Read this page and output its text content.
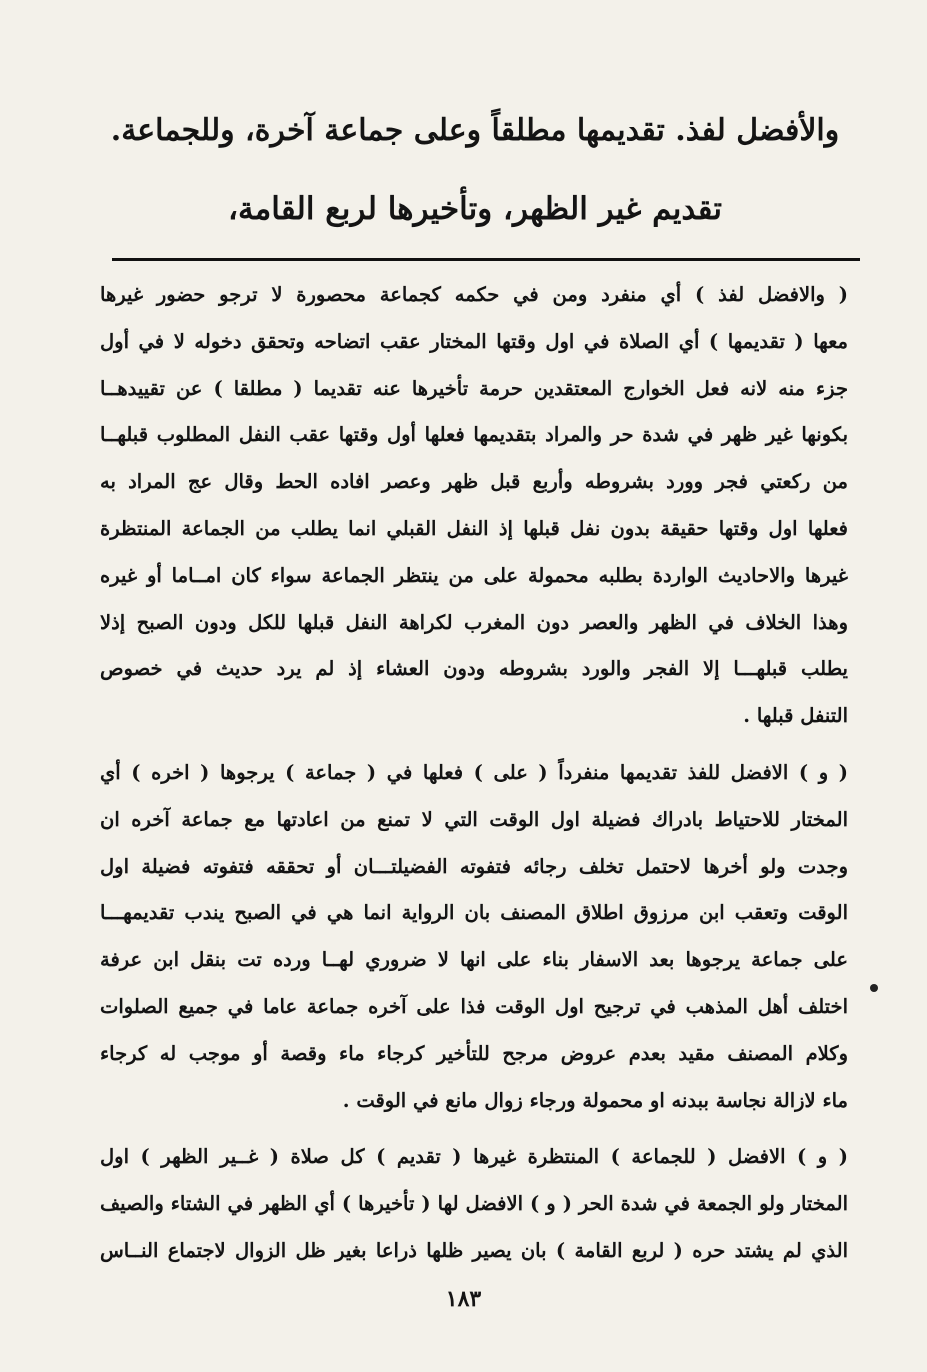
والأفضل لفذ. تقديمها مطلقاً وعلى جماعة آخرة، وللجماعة.
تقديم غير الظهر، وتأخيرها لربع القامة،

( والافضل لفذ ) أي منفرد ومن في حكمه كجماعة محصورة لا ترجو حضور غيرها
معها ( تقديمها ) أي الصلاة في اول وقتها المختار عقب اتضاحه وتحقق دخوله لا في أول
جزء منه لانه فعل الخوارج المعتقدين حرمة تأخيرها عنه تقديما ( مطلقا ) عن تقييدهــا
بكونها غير ظهر في شدة حر والمراد بتقديمها فعلها أول وقتها عقب النفل المطلوب قبلهــا
من ركعتي فجر وورد بشروطه وأربع قبل ظهر وعصر افاده الحط وقال عج المراد به
فعلها اول وقتها حقيقة بدون نفل قبلها إذ النفل القبلي انما يطلب من الجماعة المنتظرة
غيرها والاحاديث الواردة بطلبه محمولة على من ينتظر الجماعة سواء كان امــاما أو غيره
وهذا الخلاف في الظهر والعصر دون المغرب لكراهة النفل قبلها للكل ودون الصبح إذلا
يطلب قبلهـــا إلا الفجر والورد بشروطه ودون العشاء إذ لم يرد حديث في خصوص
التنفل قبلها .

( و ) الافضل للفذ تقديمها منفرداً ( على ) فعلها في ( جماعة ) يرجوها ( اخره ) أي
المختار للاحتياط بادراك فضيلة اول الوقت التي لا تمنع من اعادتها مع جماعة آخره ان
وجدت ولو أخرها لاحتمل تخلف رجائه فتفوته الفضيلتـــان أو تحققه فتفوته فضيلة اول
الوقت وتعقب ابن مرزوق اطلاق المصنف بان الرواية انما هي في الصبح يندب تقديمهـــا
على جماعة يرجوها بعد الاسفار بناء على انها لا ضروري لهــا ورده تت بنقل ابن عرفة
اختلف أهل المذهب في ترجيح اول الوقت فذا على آخره جماعة عاما في جميع الصلوات
وكلام المصنف مقيد بعدم عروض مرجح للتأخير كرجاء ماء وقصة أو موجب له كرجاء
ماء لازالة نجاسة ببدنه او محمولة ورجاء زوال مانع في الوقت .

( و ) الافضل ( للجماعة ) المنتظرة غيرها ( تقديم ) كل صلاة ( غــير الظهر ) اول
المختار ولو الجمعة في شدة الحر ( و ) الافضل لها ( تأخيرها ) أي الظهر في الشتاء والصيف
الذي لم يشتد حره ( لربع القامة ) بان يصير ظلها ذراعا بغير ظل الزوال لاجتماع النــاس

١٨٣
